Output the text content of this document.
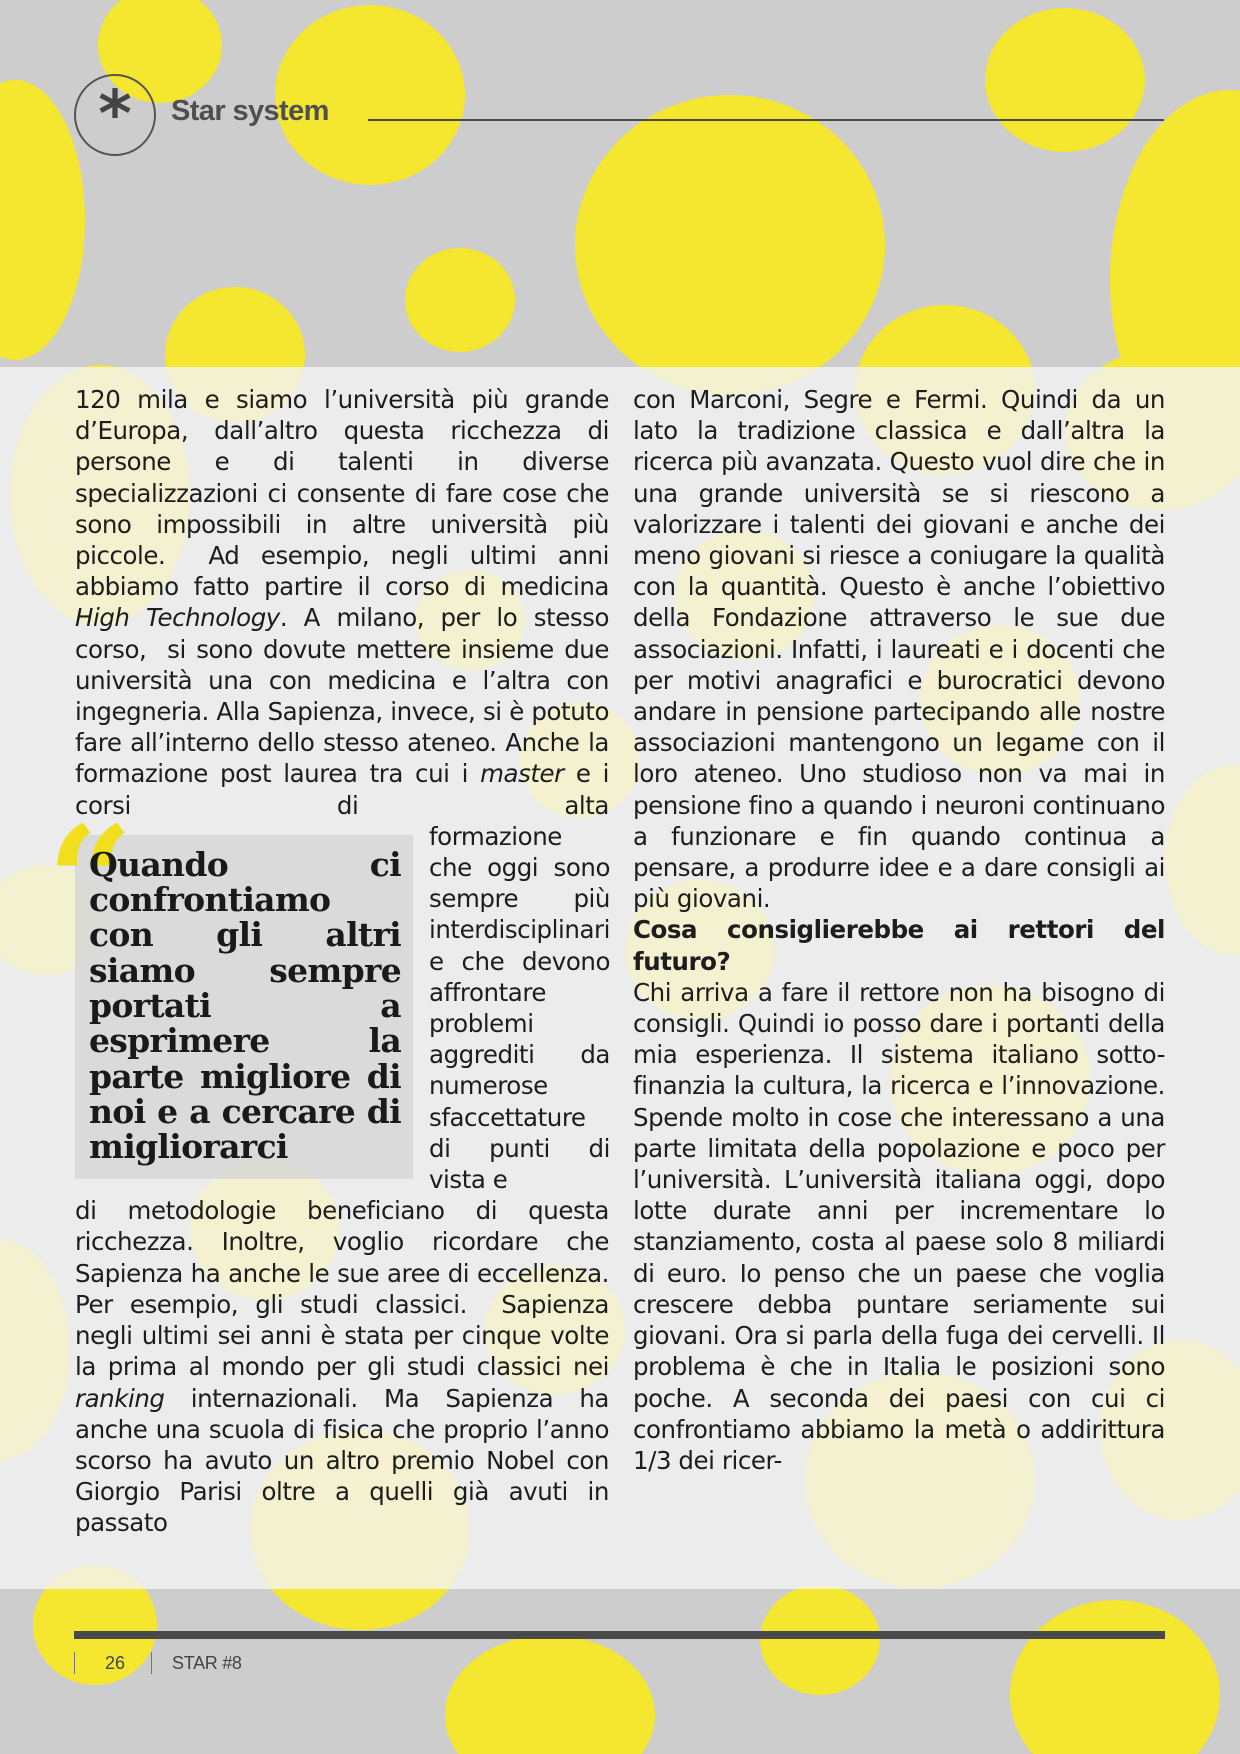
*	Star system

120 mila e siamo l’università più grande d’Europa, dall’altro questa ricchezza di persone e di talenti in diverse specializzazioni ci consente di fare cose che sono impossibili in altre università più piccole.  Ad esempio, negli ultimi anni abbiamo fatto partire il corso di medicina High Technology. A milano, per lo stesso corso,  si sono dovute mettere insieme due università una con medicina e l’altra con ingegneria. Alla Sapienza, invece, si è potuto fare all’interno dello stesso ateneo. Anche la formazione post laurea tra cui i master e i corsi di alta

“
Quando ci confrontiamo con gli altri siamo sempre portati a esprimere la parte migliore di noi e a cercare di migliorarci

formazione che oggi sono sempre più interdisciplinari e che devono affrontare problemi aggrediti da numerose sfaccettature di punti di vista e

di metodologie beneficiano di questa ricchezza. Inoltre, voglio ricordare che Sapienza ha anche le sue aree di eccellenza. Per esempio, gli studi classici.  Sapienza negli ultimi sei anni è stata per cinque volte la prima al mondo per gli studi classici nei ranking internazionali. Ma Sapienza ha anche una scuola di fisica che proprio l’anno scorso ha avuto un altro premio Nobel con Giorgio Parisi oltre a quelli già avuti in passato

con Marconi, Segre e Fermi. Quindi da un lato la tradizione classica e dall’altra la ricerca più avanzata. Questo vuol dire che in una grande università se si riescono a valorizzare i talenti dei giovani e anche dei meno giovani si riesce a coniugare la qualità con la quantità. Questo è anche l’obiettivo della Fondazione attraverso le sue due associazioni. Infatti, i laureati e i docenti che per motivi anagrafici e burocratici devono andare in pensione partecipando alle nostre associazioni mantengono un legame con il loro ateneo. Uno studioso non va mai in pensione fino a quando i neuroni continuano a funzionare e fin quando continua a pensare, a produrre idee e a dare consigli ai più giovani.

Cosa consiglierebbe ai rettori del futuro?

Chi arriva a fare il rettore non ha bisogno di consigli. Quindi io posso dare i portanti della mia esperienza. Il sistema italiano sotto-finanzia la cultura, la ricerca e l’innovazione. Spende molto in cose che interessano a una parte limitata della popolazione e poco per l’università. L’università italiana oggi, dopo lotte durate anni per incrementare lo stanziamento, costa al paese solo 8 miliardi di euro. Io penso che un paese che voglia crescere debba puntare seriamente sui giovani. Ora si parla della fuga dei cervelli. Il problema è che in Italia le posizioni sono poche. A seconda dei paesi con cui ci confrontiamo abbiamo la metà o addirittura 1/3 dei ricer-

26	STAR #8
